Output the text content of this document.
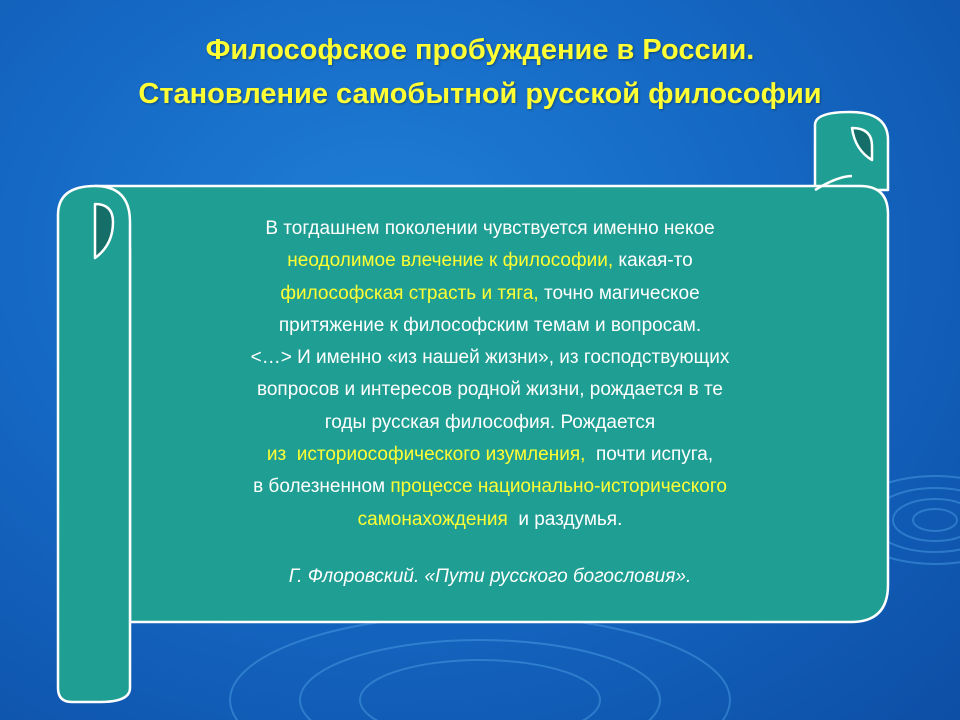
Философское пробуждение в России.
Становление самобытной русской философии
В тогдашнем поколении чувствуется именно некое
неодолимое влечение к философии, какая-то
философская страсть и тяга, точно магическое
притяжение к философским темам и вопросам.
<…> И именно «из нашей жизни», из господствующих
вопросов и интересов родной жизни, рождается в те
годы русская философия. Рождается
из  историософического изумления,  почти испуга,
в болезненном процессе национально-исторического
самонахождения  и раздумья.
Г. Флоровский. «Пути русского богословия».
